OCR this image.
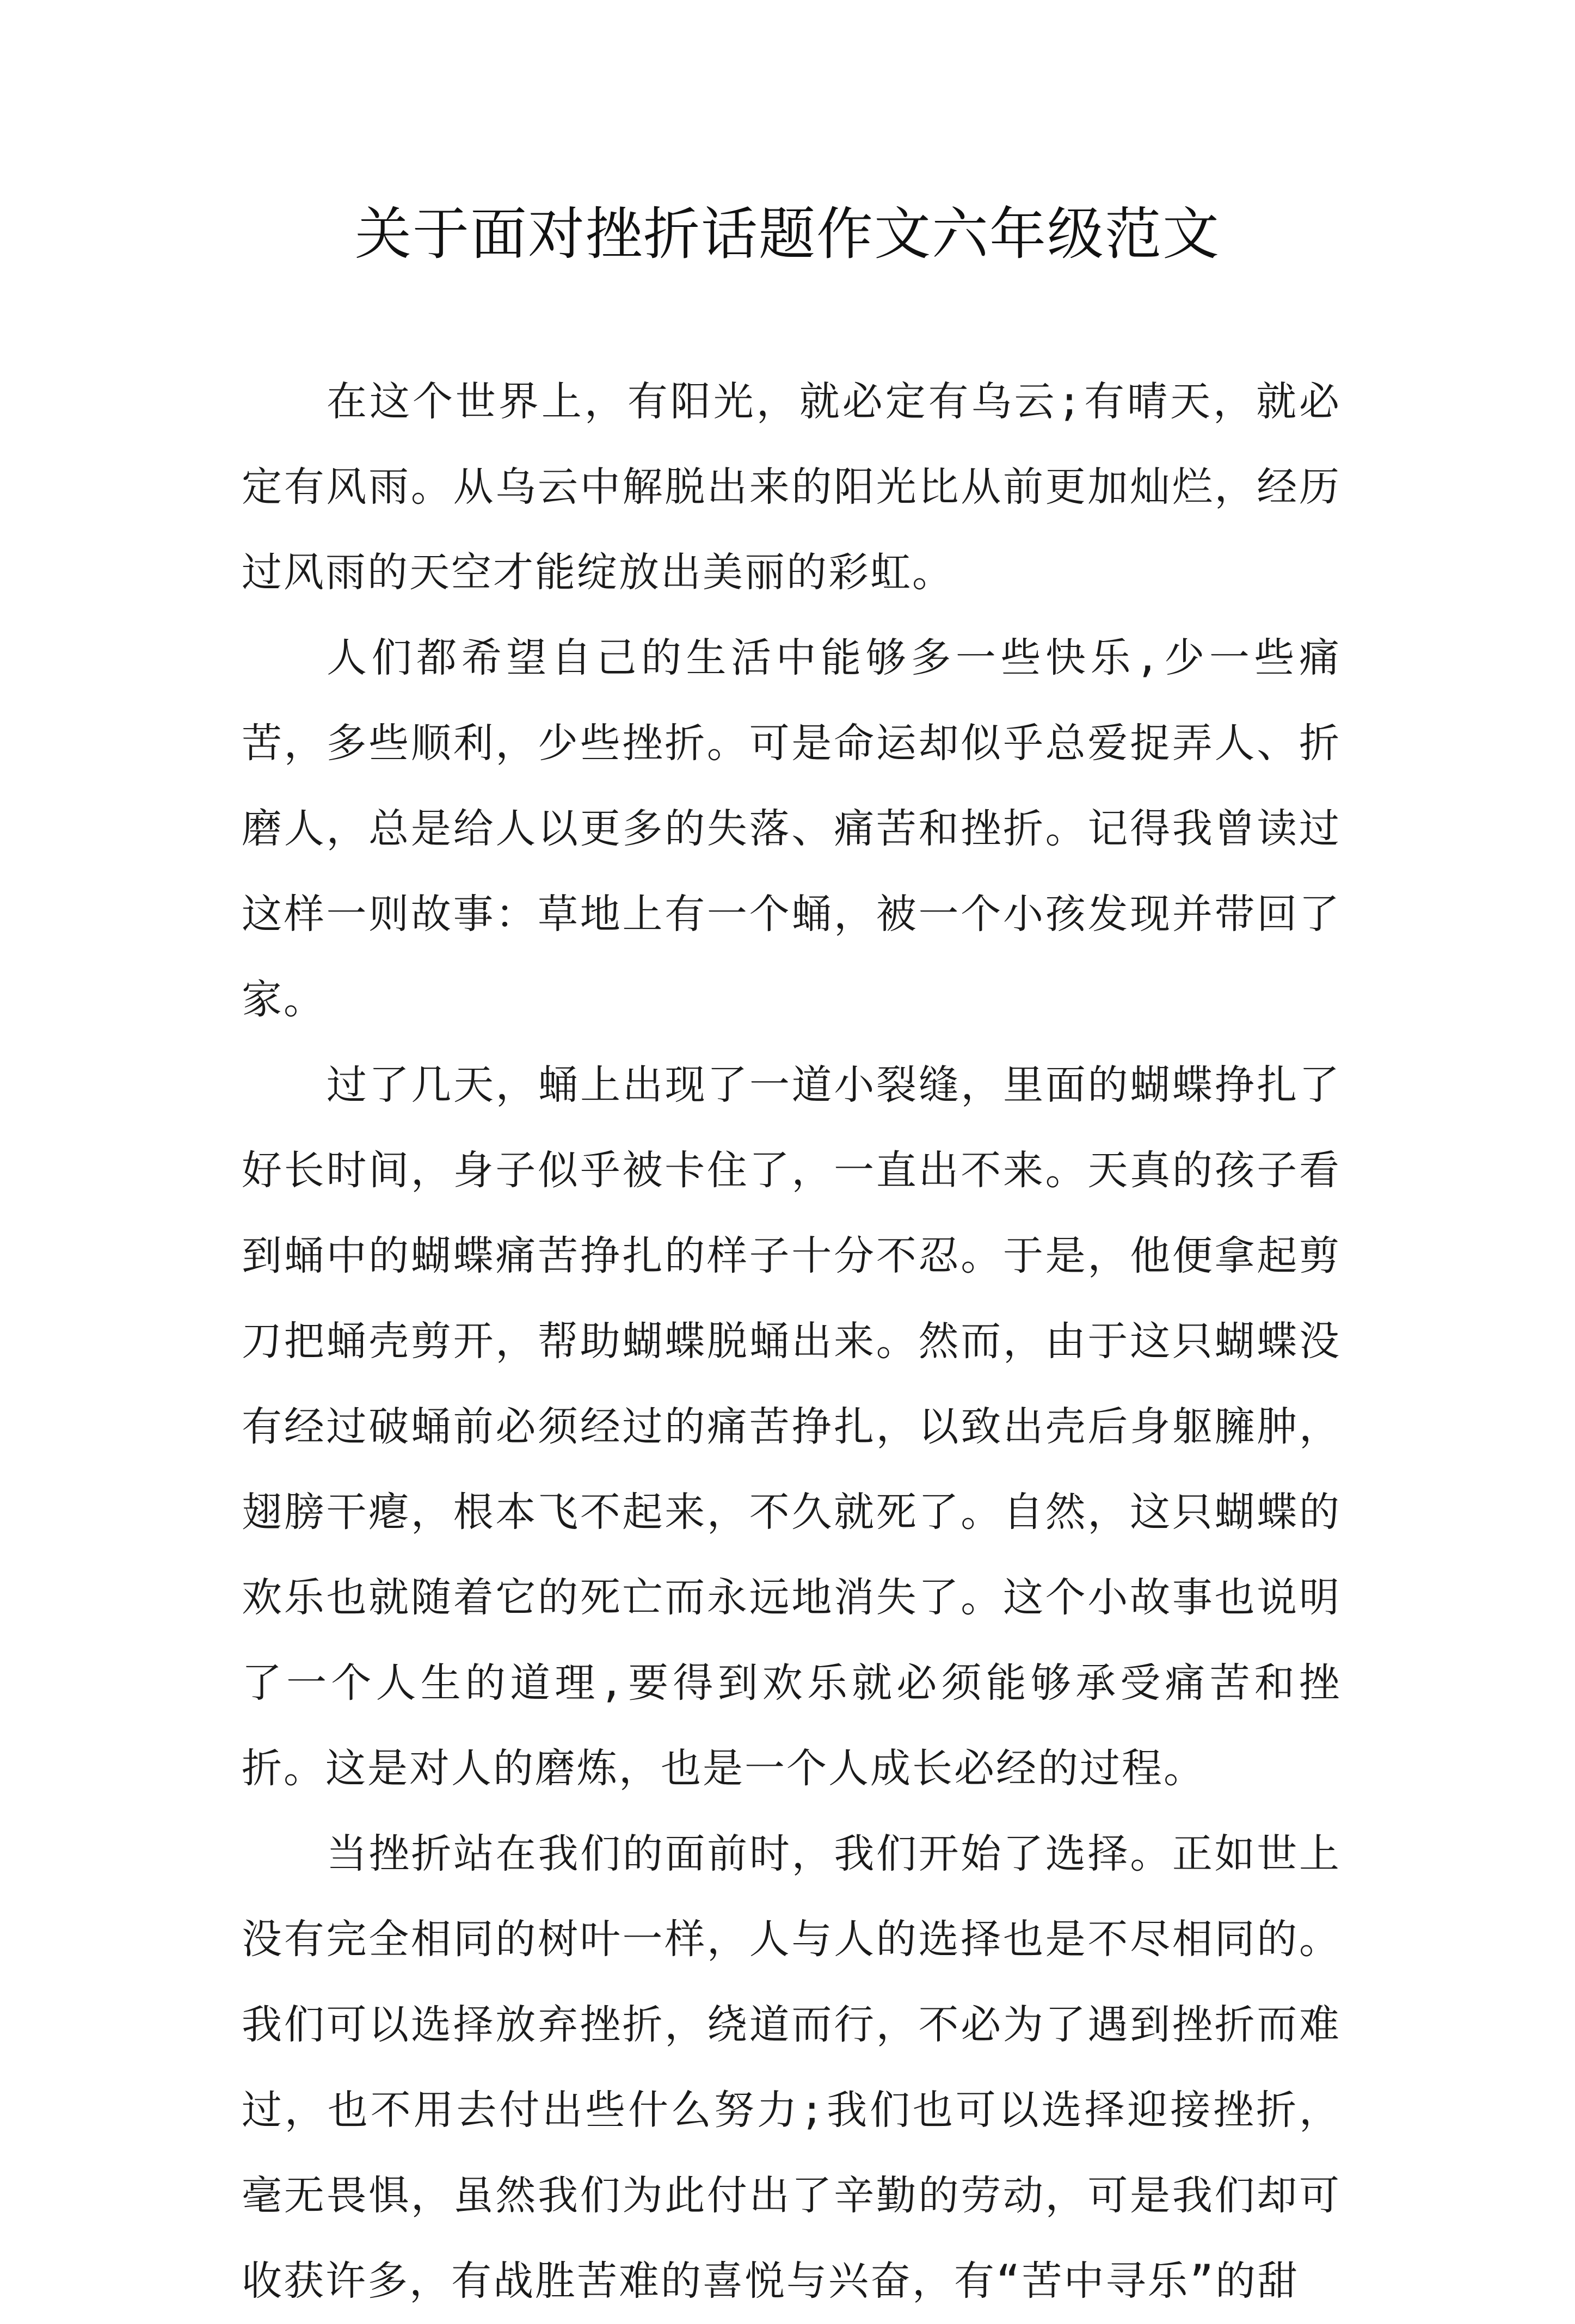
关于面对挫折话题作文六年级范文

在这个世界上，有阳光，就必定有乌云;有晴天，就必定有风雨。从乌云中解脱出来的阳光比从前更加灿烂，经历过风雨的天空才能绽放出美丽的彩虹。

人们都希望自己的生活中能够多一些快乐,少一些痛苦，多些顺利，少些挫折。可是命运却似乎总爱捉弄人、折磨人，总是给人以更多的失落、痛苦和挫折。记得我曾读过这样一则故事：草地上有一个蛹，被一个小孩发现并带回了家。

过了几天，蛹上出现了一道小裂缝，里面的蝴蝶挣扎了好长时间，身子似乎被卡住了，一直出不来。天真的孩子看到蛹中的蝴蝶痛苦挣扎的样子十分不忍。于是，他便拿起剪刀把蛹壳剪开，帮助蝴蝶脱蛹出来。然而，由于这只蝴蝶没有经过破蛹前必须经过的痛苦挣扎，以致出壳后身躯臃肿，翅膀干瘪，根本飞不起来，不久就死了。自然，这只蝴蝶的欢乐也就随着它的死亡而永远地消失了。这个小故事也说明了一个人生的道理,要得到欢乐就必须能够承受痛苦和挫折。这是对人的磨炼，也是一个人成长必经的过程。

当挫折站在我们的面前时，我们开始了选择。正如世上没有完全相同的树叶一样，人与人的选择也是不尽相同的。我们可以选择放弃挫折，绕道而行，不必为了遇到挫折而难过，也不用去付出些什么努力;我们也可以选择迎接挫折，毫无畏惧，虽然我们为此付出了辛勤的劳动，可是我们却可收获许多，有战胜苦难的喜悦与兴奋，有“苦中寻乐”的甜
